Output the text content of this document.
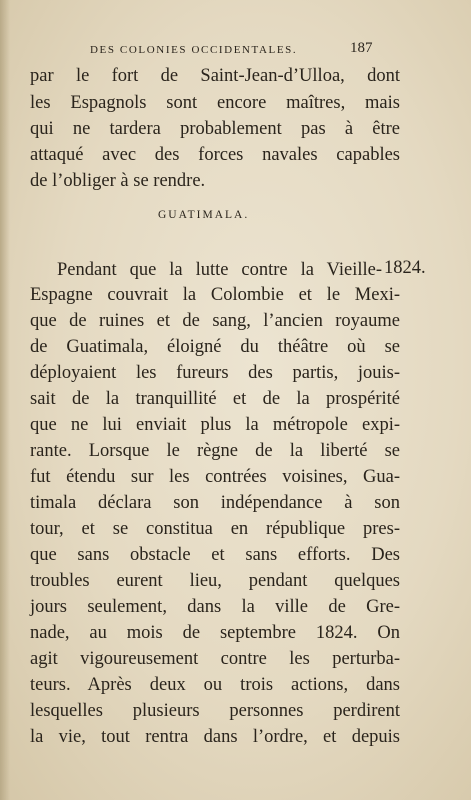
DES COLONIES OCCIDENTALES.	187
par le fort de Saint-Jean-d’Ulloa, dont
les Espagnols sont encore maîtres, mais
qui ne tardera probablement pas à être
attaqué avec des forces navales capables
de l’obliger à se rendre.
GUATIMALA.
Pendant que la lutte contre la Vieille- 1824.
Espagne couvrait la Colombie et le Mexi-
que de ruines et de sang, l’ancien royaume
de Guatimala, éloigné du théâtre où se
déployaient les fureurs des partis, jouis-
sait de la tranquillité et de la prospérité
que ne lui enviait plus la métropole expi-
rante. Lorsque le règne de la liberté se
fut étendu sur les contrées voisines, Gua-
timala déclara son indépendance à son
tour, et se constitua en république pres-
que sans obstacle et sans efforts. Des
troubles eurent lieu, pendant quelques
jours seulement, dans la ville de Gre-
nade, au mois de septembre 1824. On
agit vigoureusement contre les perturba-
teurs. Après deux ou trois actions, dans
lesquelles plusieurs personnes perdirent
la vie, tout rentra dans l’ordre, et depuis
